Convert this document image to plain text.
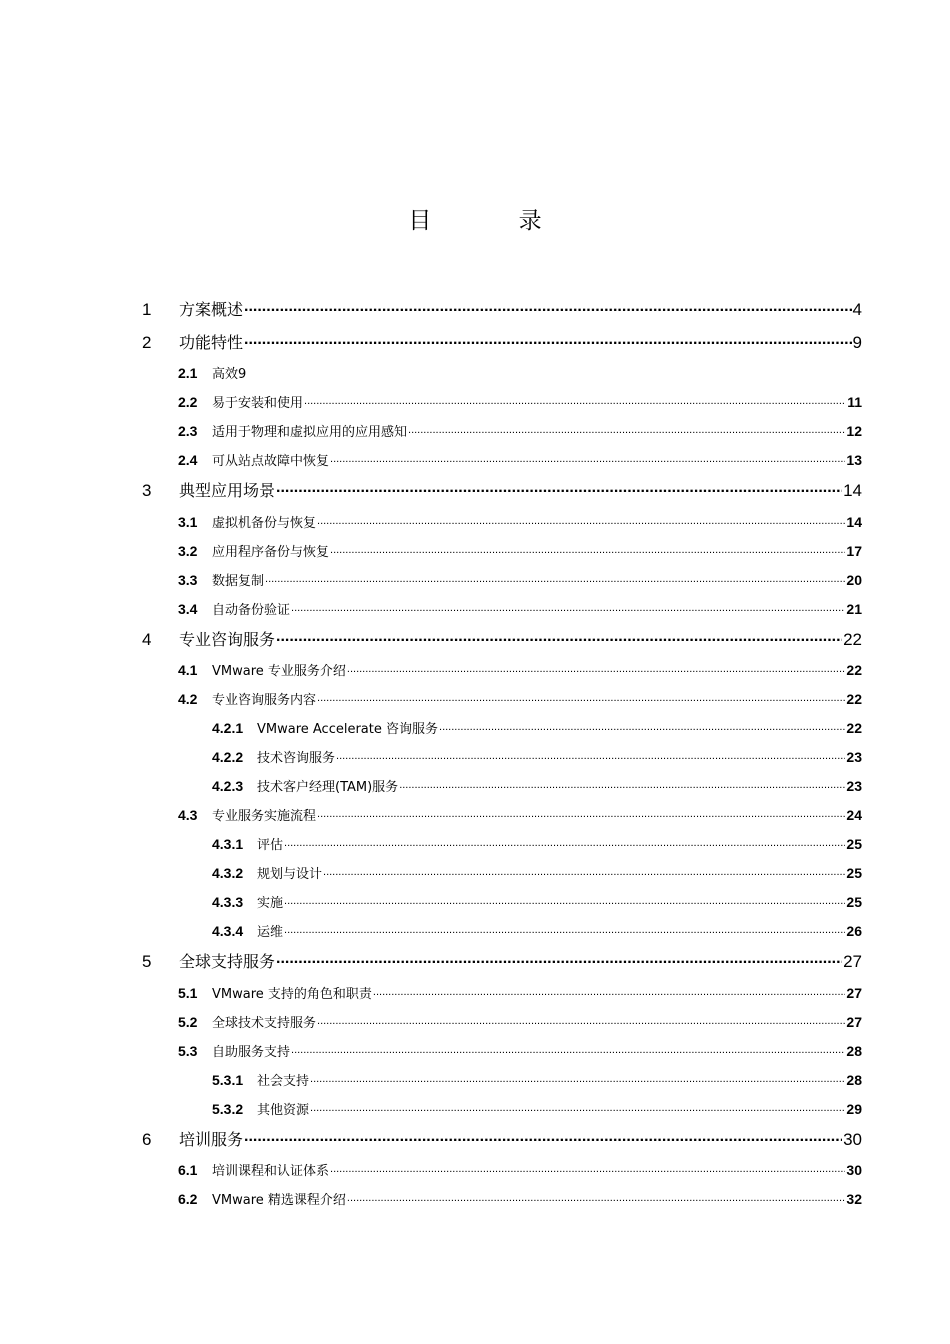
目 录
1	方案概述 .....	4
2	功能特性 .....	9
2.1	高效9
2.2	易于安装和使用 .....	11
2.3	适用于物理和虚拟应用的应用感知 .....	12
2.4	可从站点故障中恢复 .....	13
3	典型应用场景 .....	14
3.1	虚拟机备份与恢复 .....	14
3.2	应用程序备份与恢复 .....	17
3.3	数据复制 .....	20
3.4	自动备份验证 .....	21
4	专业咨询服务 .....	22
4.1	VMware 专业服务介绍 .....	22
4.2	专业咨询服务内容 .....	22
4.2.1	VMware Accelerate 咨询服务 .....	22
4.2.2	技术咨询服务 .....	23
4.2.3	技术客户经理(TAM)服务 .....	23
4.3	专业服务实施流程 .....	24
4.3.1	评估 .....	25
4.3.2	规划与设计 .....	25
4.3.3	实施 .....	25
4.3.4	运维 .....	26
5	全球支持服务 .....	27
5.1	VMware 支持的角色和职责 .....	27
5.2	全球技术支持服务 .....	27
5.3	自助服务支持 .....	28
5.3.1	社会支持 .....	28
5.3.2	其他资源 .....	29
6	培训服务 .....	30
6.1	培训课程和认证体系 .....	30
6.2	VMware 精选课程介绍 .....	32
